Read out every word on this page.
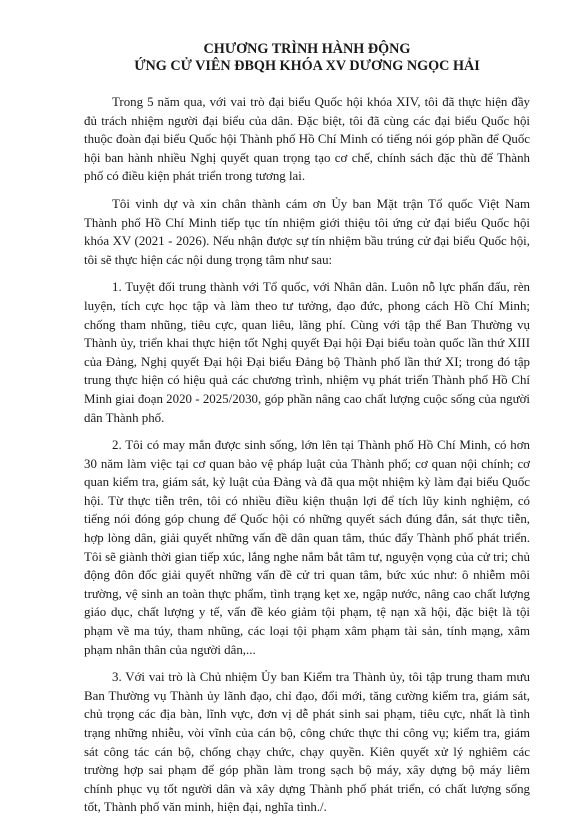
CHƯƠNG TRÌNH HÀNH ĐỘNG
ỨNG CỬ VIÊN ĐBQH KHÓA XV DƯƠNG NGỌC HẢI

Trong 5 năm qua, với vai trò đại biểu Quốc hội khóa XIV, tôi đã thực hiện đầy đủ trách nhiệm người đại biểu của dân. Đặc biệt, tôi đã cùng các đại biểu Quốc hội thuộc đoàn đại biểu Quốc hội Thành phố Hồ Chí Minh có tiếng nói góp phần để Quốc hội ban hành nhiều Nghị quyết quan trọng tạo cơ chế, chính sách đặc thù để Thành phố có điều kiện phát triển trong tương lai.

Tôi vinh dự và xin chân thành cám ơn Ủy ban Mặt trận Tổ quốc Việt Nam Thành phố Hồ Chí Minh tiếp tục tín nhiệm giới thiệu tôi ứng cử đại biểu Quốc hội khóa XV (2021 - 2026). Nếu nhận được sự tín nhiệm bầu trúng cử đại biểu Quốc hội, tôi sẽ thực hiện các nội dung trọng tâm như sau:

1. Tuyệt đối trung thành với Tổ quốc, với Nhân dân. Luôn nỗ lực phấn đấu, rèn luyện, tích cực học tập và làm theo tư tưởng, đạo đức, phong cách Hồ Chí Minh; chống tham nhũng, tiêu cực, quan liêu, lãng phí. Cùng với tập thể Ban Thường vụ Thành ủy, triển khai thực hiện tốt Nghị quyết Đại hội Đại biểu toàn quốc lần thứ XIII của Đảng, Nghị quyết Đại hội Đại biểu Đảng bộ Thành phố lần thứ XI; trong đó tập trung thực hiện có hiệu quả các chương trình, nhiệm vụ phát triển Thành phố Hồ Chí Minh giai đoạn 2020 - 2025/2030, góp phần nâng cao chất lượng cuộc sống của người dân Thành phố.

2. Tôi có may mắn được sinh sống, lớn lên tại Thành phố Hồ Chí Minh, có hơn 30 năm làm việc tại cơ quan bảo vệ pháp luật của Thành phố; cơ quan nội chính; cơ quan kiểm tra, giám sát, kỷ luật của Đảng và đã qua một nhiệm kỳ làm đại biểu Quốc hội. Từ thực tiễn trên, tôi có nhiều điều kiện thuận lợi để tích lũy kinh nghiệm, có tiếng nói đóng góp chung để Quốc hội có những quyết sách đúng đắn, sát thực tiễn, hợp lòng dân, giải quyết những vấn đề dân quan tâm, thúc đẩy Thành phố phát triển. Tôi sẽ giành thời gian tiếp xúc, lắng nghe nắm bắt tâm tư, nguyện vọng của cử tri; chủ động đôn đốc giải quyết những vấn đề cử tri quan tâm, bức xúc như: ô nhiễm môi trường, vệ sinh an toàn thực phẩm, tình trạng kẹt xe, ngập nước, nâng cao chất lượng giáo dục, chất lượng y tế, vấn đề kéo giảm tội phạm, tệ nạn xã hội, đặc biệt là tội phạm về ma túy, tham nhũng, các loại tội phạm xâm phạm tài sản, tính mạng, xâm phạm nhân thân của người dân,...

3. Với vai trò là Chủ nhiệm Ủy ban Kiểm tra Thành ủy, tôi tập trung tham mưu Ban Thường vụ Thành ủy lãnh đạo, chỉ đạo, đổi mới, tăng cường kiểm tra, giám sát, chủ trọng các địa bàn, lĩnh vực, đơn vị dễ phát sinh sai phạm, tiêu cực, nhất là tình trạng những nhiễu, vòi vĩnh của cán bộ, công chức thực thi công vụ; kiểm tra, giám sát công tác cán bộ, chống chạy chức, chạy quyền. Kiên quyết xử lý nghiêm các trường hợp sai phạm để góp phần làm trong sạch bộ máy, xây dựng bộ máy liêm chính phục vụ tốt người dân và xây dựng Thành phố phát triển, có chất lượng sống tốt, Thành phố văn minh, hiện đại, nghĩa tình./.
